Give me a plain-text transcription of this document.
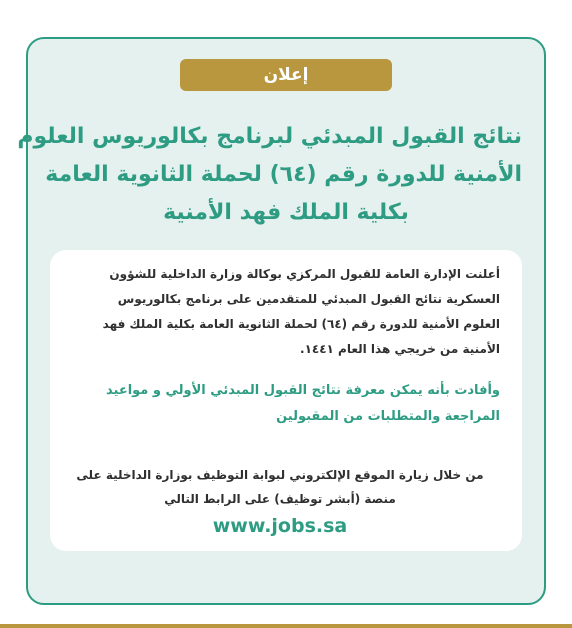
إعلان
نتائج القبول المبدئي لبرنامج بكالوريوس العلوم
الأمنية للدورة رقم (٦٤) لحملة الثانوية العامة
بكلية الملك فهد الأمنية
أعلنت الإدارة العامة للقبول المركزي بوكالة وزارة الداخلية للشؤون
العسكرية نتائج القبول المبدئي للمتقدمين على برنامج بكالوريوس
العلوم الأمنية للدورة رقم (٦٤) لحملة الثانوية العامة بكلية الملك فهد
الأمنية من خريجي هذا العام ١٤٤١.
وأفادت بأنه يمكن معرفة نتائج القبول المبدئي الأولي و مواعيد
المراجعة والمتطلبات من المقبولين
من خلال زيارة الموقع الإلكتروني لبوابة التوظيف بوزارة الداخلية على
منصة (أبشر توظيف) على الرابط التالي
www.jobs.sa
